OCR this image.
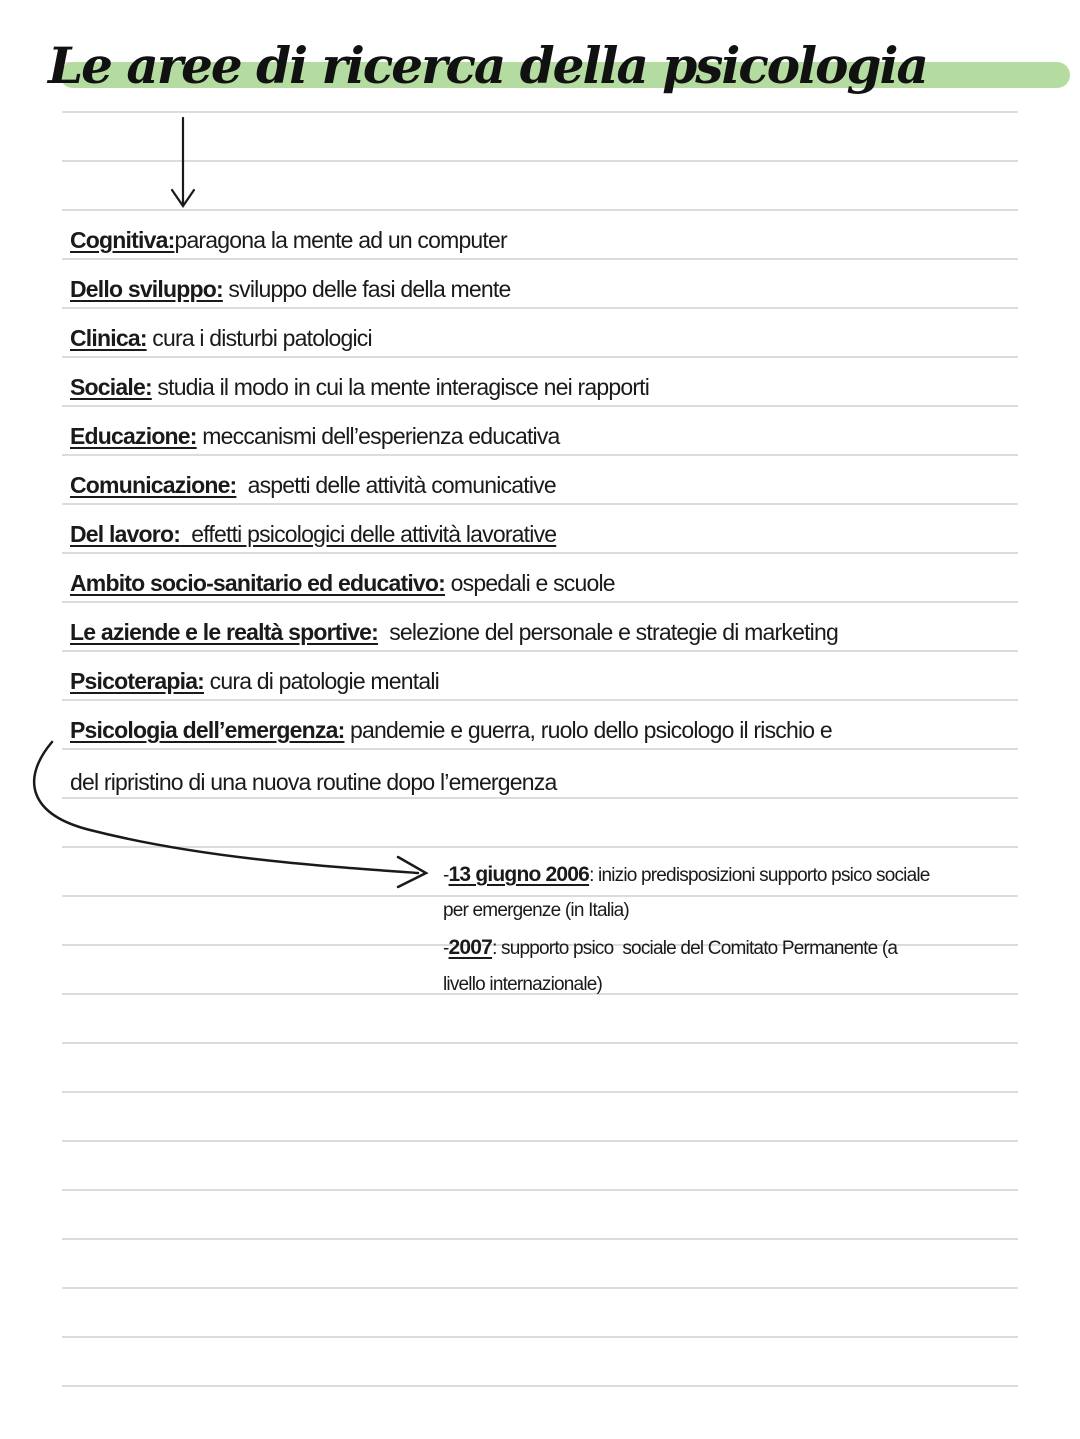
Le aree di ricerca della psicologia
Cognitiva:paragona la mente ad un computer
Dello sviluppo: sviluppo delle fasi della mente
Clinica: cura i disturbi patologici
Sociale: studia il modo in cui la mente interagisce nei rapporti
Educazione: meccanismi dell’esperienza educativa
Comunicazione:  aspetti delle attività comunicative
Del lavoro:  effetti psicologici delle attività lavorative
Ambito socio-sanitario ed educativo: ospedali e scuole
Le aziende e le realtà sportive:  selezione del personale e strategie di marketing
Psicoterapia: cura di patologie mentali
Psicologia dell’emergenza: pandemie e guerra, ruolo dello psicologo il rischio e
del ripristino di una nuova routine dopo l’emergenza
-
13 giugno 2006: inizio predisposizioni supporto psico sociale
per emergenze (in Italia)
-
2007: supporto psico  sociale del Comitato Permanente (a
livello internazionale)
